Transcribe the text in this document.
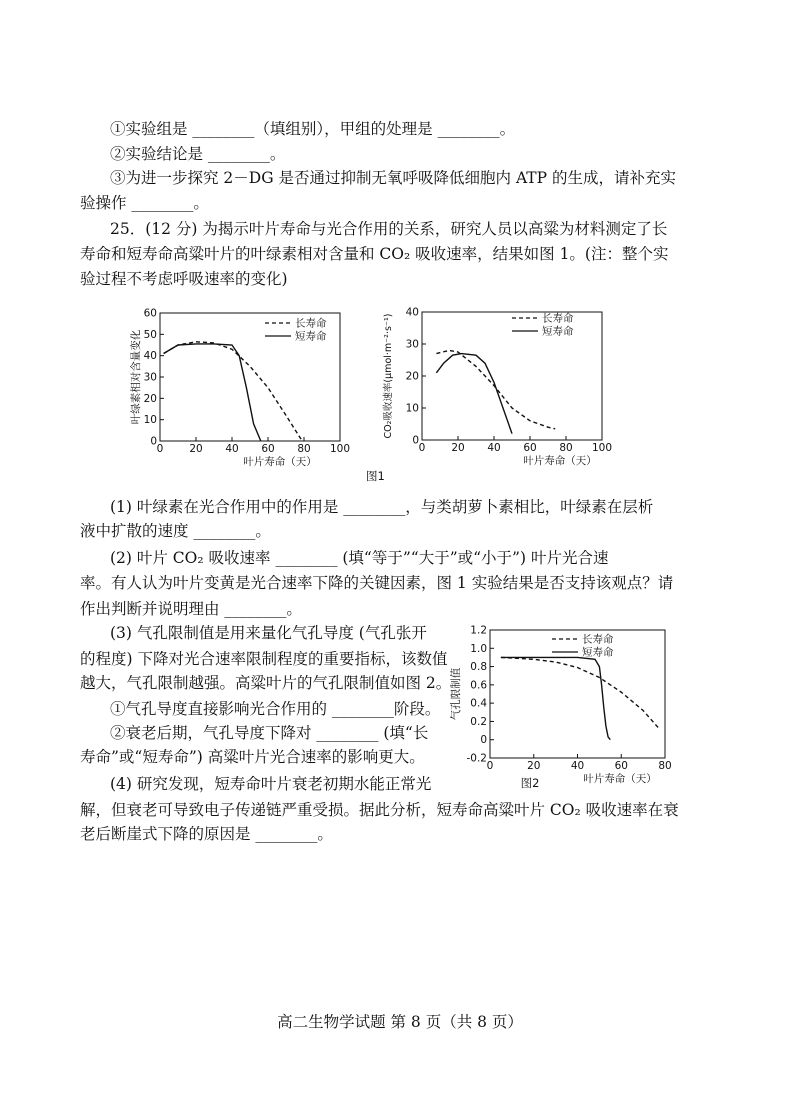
①实验组是 ________（填组别），甲组的处理是 ________。
②实验结论是 ________。
③为进一步探究 2－DG 是否通过抑制无氧呼吸降低细胞内 ATP 的生成，请补充实
验操作 ________。
25．(12 分) 为揭示叶片寿命与光合作用的关系，研究人员以高粱为材料测定了长
寿命和短寿命高粱叶片的叶绿素相对含量和 CO₂ 吸收速率，结果如图 1。(注：整个实
验过程不考虑呼吸速率的变化)
60
50
40
30
20
10
0
0 20 40 60 80 100
叶片寿命（天）
叶绿素相对含量变化
长寿命
短寿命
40
30
20
10
0
0 20 40 60 80 100
叶片寿命（天）
CO₂吸收速率(μmol·m⁻²·s⁻¹)	长寿命
短寿命
图1
(1) 叶绿素在光合作用中的作用是 ________，与类胡萝卜素相比，叶绿素在层析
液中扩散的速度 ________。
(2) 叶片 CO₂ 吸收速率 ________ (填“等于”“大于”或“小于”) 叶片光合速
率。有人认为叶片变黄是光合速率下降的关键因素，图 1 实验结果是否支持该观点？请
作出判断并说明理由 ________。
(3) 气孔限制值是用来量化气孔导度 (气孔张开
的程度) 下降对光合速率限制程度的重要指标，该数值
越大，气孔限制越强。高粱叶片的气孔限制值如图 2。
①气孔导度直接影响光合作用的 ________阶段。
②衰老后期，气孔导度下降对 ________ (填“长
寿命”或“短寿命”) 高粱叶片光合速率的影响更大。
(4) 研究发现，短寿命叶片衰老初期水能正常光
解，但衰老可导致电子传递链严重受损。据此分析，短寿命高粱叶片 CO₂ 吸收速率在衰
老后断崖式下降的原因是 ________。
1.2
1.0
0.8
0.6
0.4
0.2
0
-0.2
0	20	40	60	80
叶片寿命（天）
气孔限制值
长寿命
短寿命
图2
高二生物学试题 第 8 页（共 8 页）
